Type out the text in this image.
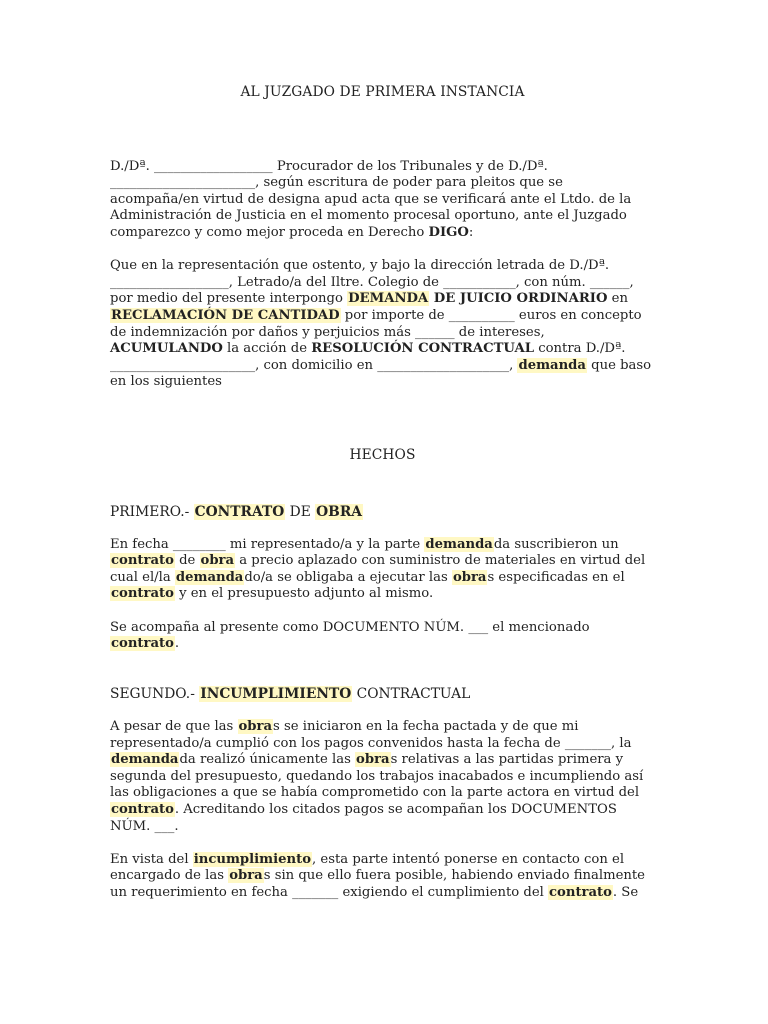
AL JUZGADO DE PRIMERA INSTANCIA

D./Dª. __________________ Procurador de los Tribunales y de D./Dª. ______________________, según escritura de poder para pleitos que se acompaña/en virtud de designa apud acta que se verificará ante el Ltdo. de la Administración de Justicia en el momento procesal oportuno, ante el Juzgado comparezco y como mejor proceda en Derecho DIGO:

Que en la representación que ostento, y bajo la dirección letrada de D./Dª. __________________, Letrado/a del Iltre. Colegio de ___________, con núm. ______, por medio del presente interpongo DEMANDA DE JUICIO ORDINARIO en RECLAMACIÓN DE CANTIDAD por importe de __________ euros en concepto de indemnización por daños y perjuicios más ______ de intereses, ACUMULANDO la acción de RESOLUCIÓN CONTRACTUAL contra D./Dª. ______________________, con domicilio en ____________________, demanda que baso en los siguientes

HECHOS

PRIMERO.- CONTRATO DE OBRA

En fecha ________ mi representado/a y la parte demandada suscribieron un contrato de obra a precio aplazado con suministro de materiales en virtud del cual el/la demandado/a se obligaba a ejecutar las obras especificadas en el contrato y en el presupuesto adjunto al mismo.

Se acompaña al presente como DOCUMENTO NÚM. ___ el mencionado contrato.

SEGUNDO.- INCUMPLIMIENTO CONTRACTUAL

A pesar de que las obras se iniciaron en la fecha pactada y de que mi representado/a cumplió con los pagos convenidos hasta la fecha de _______, la demandada realizó únicamente las obras relativas a las partidas primera y segunda del presupuesto, quedando los trabajos inacabados e incumpliendo así las obligaciones a que se había comprometido con la parte actora en virtud del contrato. Acreditando los citados pagos se acompañan los DOCUMENTOS NÚM. ___.

En vista del incumplimiento, esta parte intentó ponerse en contacto con el encargado de las obras sin que ello fuera posible, habiendo enviado finalmente un requerimiento en fecha _______ exigiendo el cumplimiento del contrato. Se
